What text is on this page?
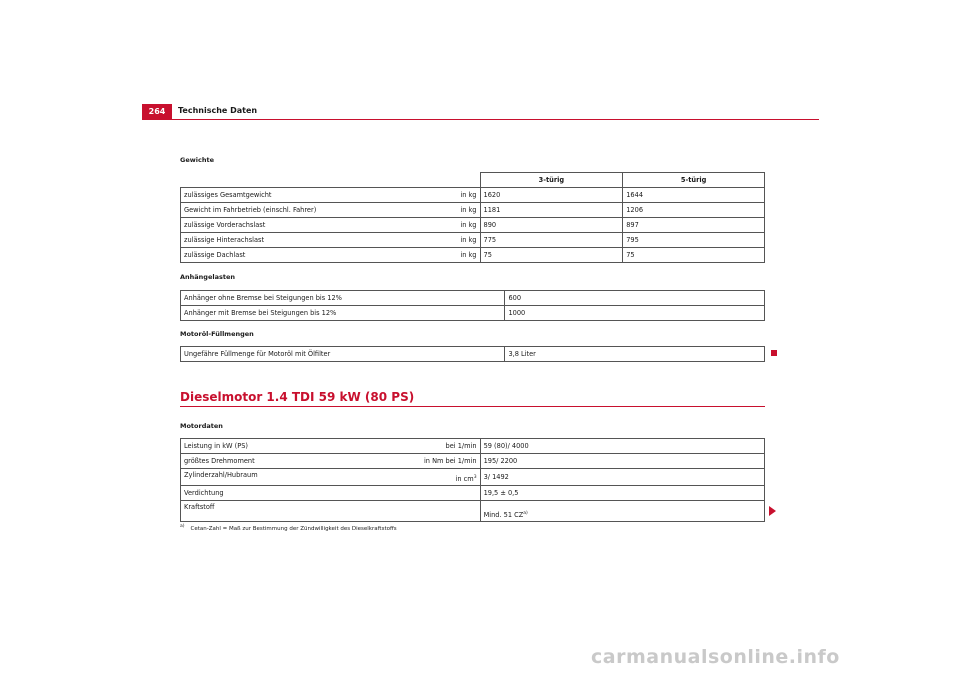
264	Technische Daten
Gewichte
		3-türig	5-türig
zulässiges Gesamtgewicht	in kg	1620	1644
Gewicht im Fahrbetrieb (einschl. Fahrer)	in kg	1181	1206
zulässige Vorderachslast	in kg	890	897
zulässige Hinterachslast	in kg	775	795
zulässige Dachlast	in kg	75	75
Anhängelasten
Anhänger ohne Bremse bei Steigungen bis 12%	600
Anhänger mit Bremse bei Steigungen bis 12%	1000
Motoröl-Füllmengen
Ungefähre Füllmenge für Motoröl mit Ölfilter	3,8 Liter
Dieselmotor 1.4 TDI 59 kW (80 PS)
Motordaten
Leistung in kW (PS)	bei 1/min	59 (80)/ 4000
größtes Drehmoment	in Nm bei 1/min	195/ 2200
Zylinderzahl/Hubraum	in $cm^3$	3/ 1492
Verdichtung		19,5 ± 0,5
Kraftstoff		Mind. 51 CZ$^{a)}$
$^{a)}$ Cetan-Zahl = Maß zur Bestimmung der Zündwilligkeit des Dieselkraftstoffs
carmanualsonline.info
